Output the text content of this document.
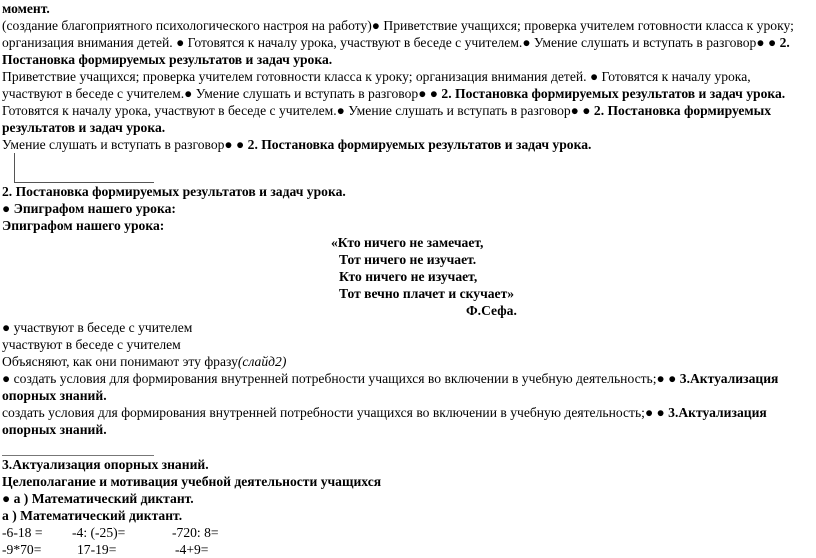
момент.
(создание благоприятного психологического настроя на работу)● Приветствие учащихся; проверка учителем готовности класса к уроку;
организация внимания детей. ● Готовятся к началу урока, участвуют в беседе с учителем.● Умение слушать и вступать в разговор● ● 2.
Постановка формируемых результатов и задач урока.
Приветствие учащихся; проверка учителем готовности класса к уроку; организация внимания детей. ● Готовятся к началу урока,
участвуют в беседе с учителем.● Умение слушать и вступать в разговор● ● 2. Постановка формируемых результатов и задач урока.
Готовятся к началу урока, участвуют в беседе с учителем.● Умение слушать и вступать в разговор● ● 2. Постановка формируемых
результатов и задач урока.
Умение слушать и вступать в разговор● ● 2. Постановка формируемых результатов и задач урока.
2. Постановка формируемых результатов и задач урока.
● Эпиграфом нашего урока:
Эпиграфом нашего урока:
«Кто ничего не замечает,
Тот ничего не изучает.
Кто ничего не изучает,
Тот вечно плачет и скучает»
Ф.Сефа.
● участвуют в беседе с учителем
участвуют в беседе с учителем
Объясняют, как они понимают эту фразу(слайд2)
● создать условия для формирования внутренней потребности учащихся во включении в учебную деятельность;● ● 3.Актуализация
опорных знаний.
создать условия для формирования внутренней потребности учащихся во включении в учебную деятельность;● ● 3.Актуализация
опорных знаний.
3.Актуализация опорных знаний.
Целеполагание и мотивация учебной деятельности учащихся
● а ) Математический диктант.
а ) Математический диктант.
-6-18 = -4: (-25)=	-720: 8=
-9*70=	17-19=	-4+9=
